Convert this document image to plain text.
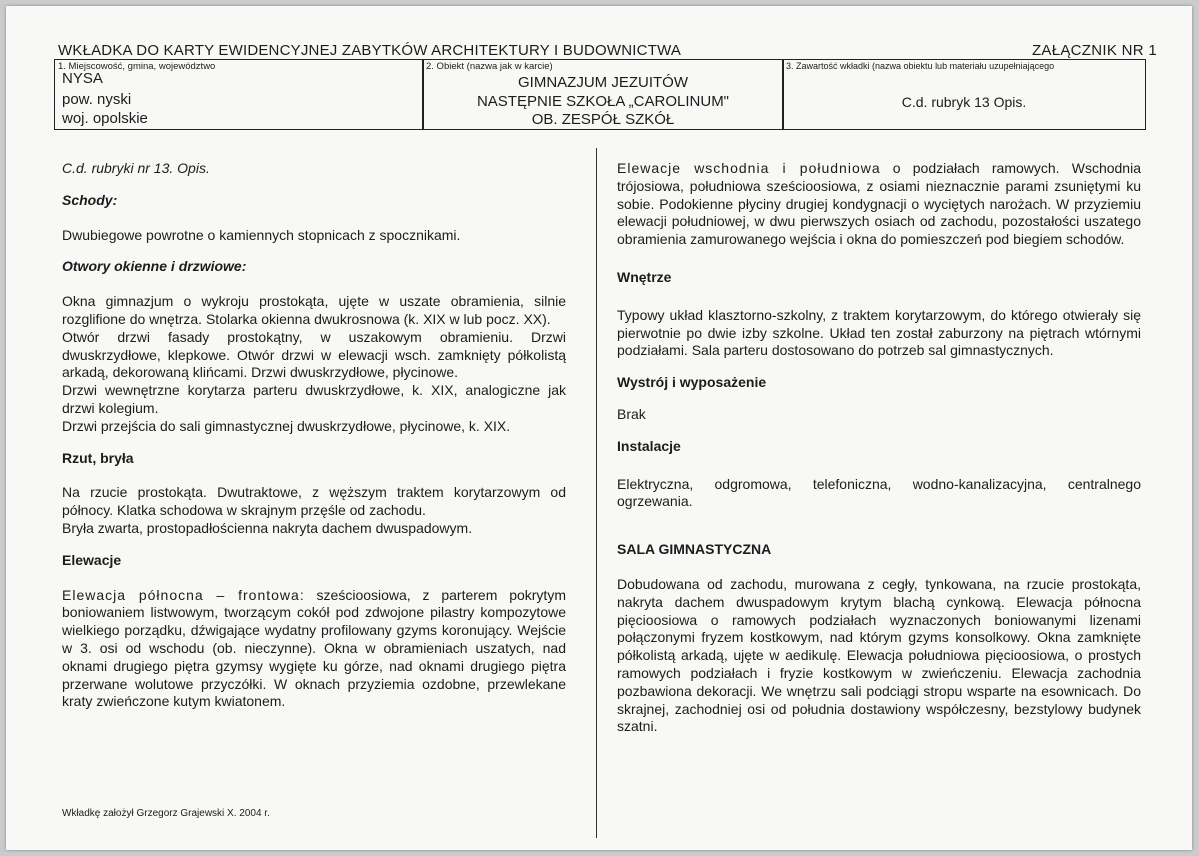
WKŁADKA DO KARTY EWIDENCYJNEJ ZABYTKÓW ARCHITEKTURY I BUDOWNICTWA	ZAŁĄCZNIK NR 1
1. Miejscowość, gmina, województwo
NYSA
pow. nyski
woj. opolskie
2. Obiekt (nazwa jak w karcie)
GIMNAZJUM JEZUITÓW
NASTĘPNIE SZKOŁA „CAROLINUM"
OB. ZESPÓŁ SZKÓŁ
3. Zawartość wkładki (nazwa obiektu lub materiału uzupełniającego
C.d. rubryk 13 Opis.

C.d. rubryki nr 13. Opis.

Schody:

Dwubiegowe powrotne o kamiennych stopnicach z spocznikami.

Otwory okienne i drzwiowe:

Okna gimnazjum o wykroju prostokąta, ujęte w uszate obramienia, silnie rozglifione do wnętrza. Stolarka okienna dwukrosnowa (k. XIX w lub pocz. XX).

Otwór drzwi fasady prostokątny, w uszakowym obramieniu. Drzwi dwuskrzydłowe, klepkowe. Otwór drzwi w elewacji wsch. zamknięty półkolistą arkadą, dekorowaną klińcami. Drzwi dwuskrzydłowe, płycinowe.

Drzwi wewnętrzne korytarza parteru dwuskrzydłowe, k. XIX, analogiczne jak drzwi kolegium.

Drzwi przejścia do sali gimnastycznej dwuskrzydłowe, płycinowe, k. XIX.

Rzut, bryła

Na rzucie prostokąta. Dwutraktowe, z węższym traktem korytarzowym od północy. Klatka schodowa w skrajnym przęśle od zachodu.

Bryła zwarta, prostopadłościenna nakryta dachem dwuspadowym.

Elewacje

Elewacja północna – frontowa: sześcioosiowa, z parterem pokrytym boniowaniem listwowym, tworzącym cokół pod zdwojone pilastry kompozytowe wielkiego porządku, dźwigające wydatny profilowany gzyms koronujący. Wejście w 3. osi od wschodu (ob. nieczynne). Okna w obramieniach uszatych, nad oknami drugiego piętra gzymsy wygięte ku górze, nad oknami drugiego piętra przerwane wolutowe przyczółki. W oknach przyziemia ozdobne, przewlekane kraty zwieńczone kutym kwiatonem.

Elewacje wschodnia i południowa o podziałach ramowych. Wschodnia trójosiowa, południowa sześcioosiowa, z osiami nieznacznie parami zsuniętymi ku sobie. Podokienne płyciny drugiej kondygnacji o wyciętych narożach. W przyziemiu elewacji południowej, w dwu pierwszych osiach od zachodu, pozostałości uszatego obramienia zamurowanego wejścia i okna do pomieszczeń pod biegiem schodów.

Wnętrze

Typowy układ klasztorno-szkolny, z traktem korytarzowym, do którego otwierały się pierwotnie po dwie izby szkolne. Układ ten został zaburzony na piętrach wtórnymi podziałami. Sala parteru dostosowano do potrzeb sal gimnastycznych.

Wystrój i wyposażenie

Brak

Instalacje

Elektryczna, odgromowa, telefoniczna, wodno-kanalizacyjna, centralnego ogrzewania.

SALA GIMNASTYCZNA

Dobudowana od zachodu, murowana z cegły, tynkowana, na rzucie prostokąta, nakryta dachem dwuspadowym krytym blachą cynkową. Elewacja północna pięcioosiowa o ramowych podziałach wyznaczonych boniowanymi lizenami połączonymi fryzem kostkowym, nad którym gzyms konsolkowy. Okna zamknięte półkolistą arkadą, ujęte w aedikulę. Elewacja południowa pięcioosiowa, o prostych ramowych podziałach i fryzie kostkowym w zwieńczeniu. Elewacja zachodnia pozbawiona dekoracji. We wnętrzu sali podciągi stropu wsparte na esownicach. Do skrajnej, zachodniej osi od południa dostawiony współczesny, bezstylowy budynek szatni.

Wkładkę założył Grzegorz Grajewski X. 2004 r.
